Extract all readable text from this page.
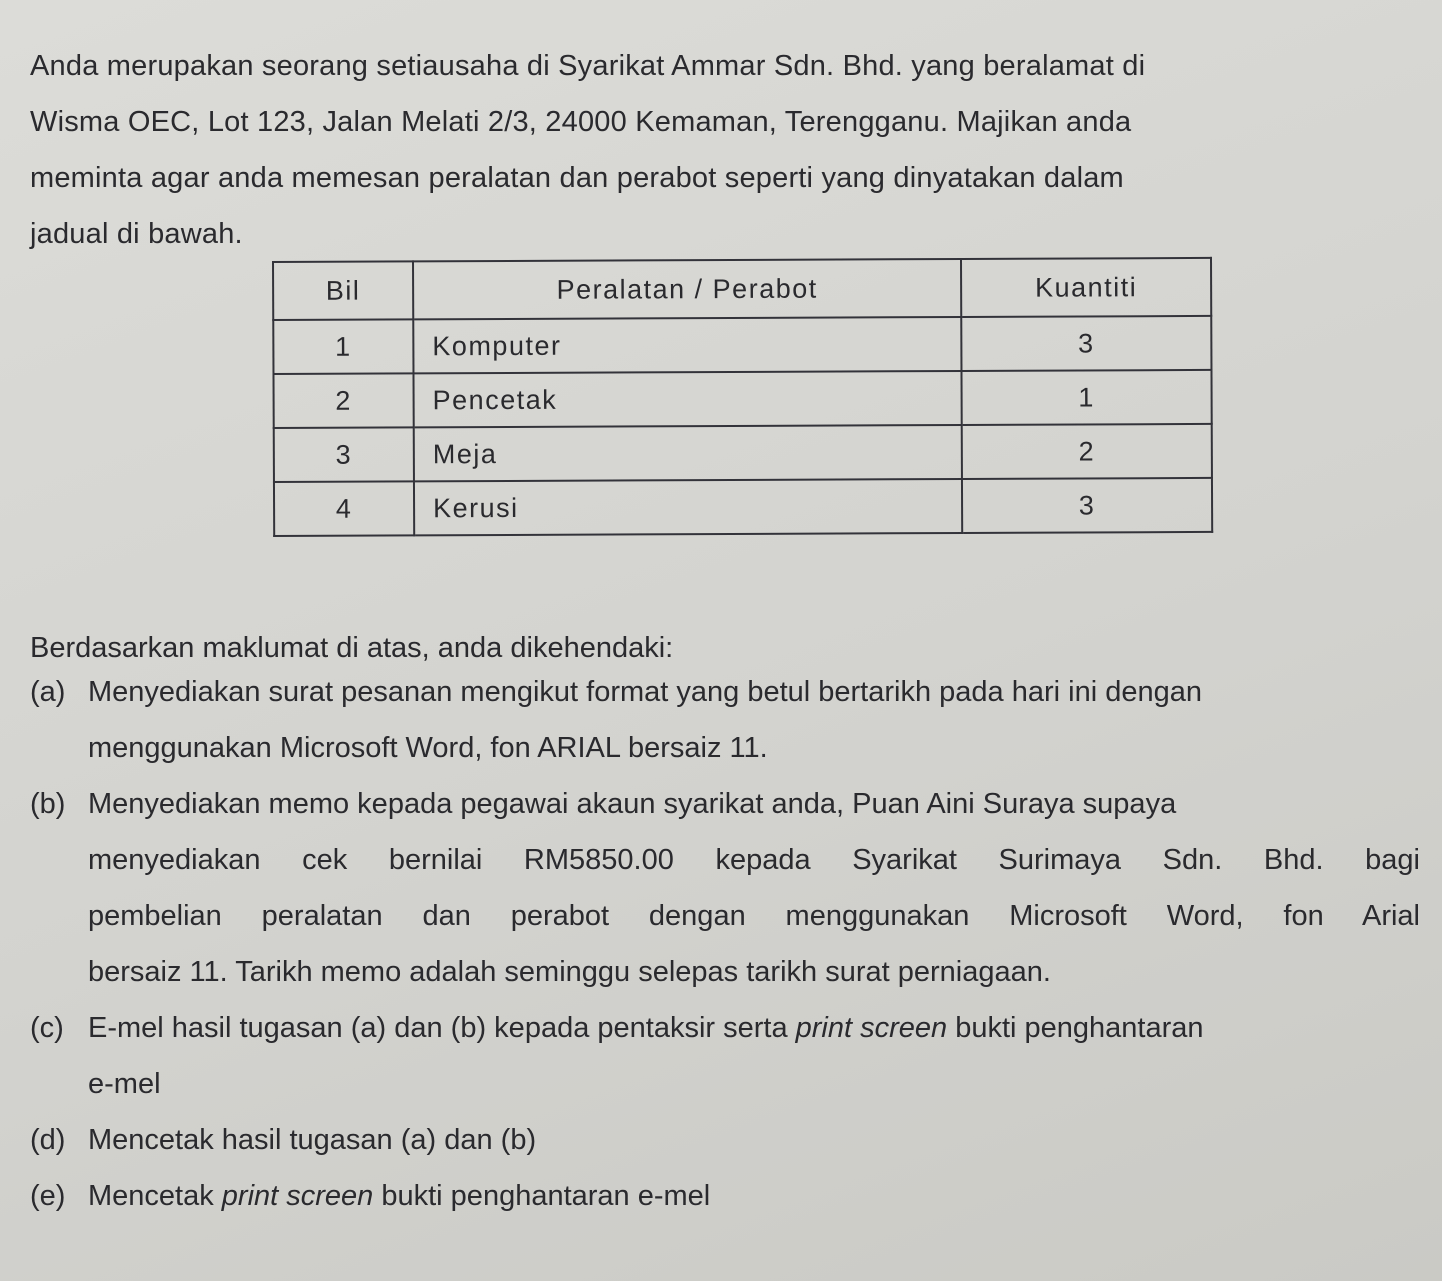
Anda merupakan seorang setiausaha di Syarikat Ammar Sdn. Bhd. yang beralamat di
Wisma OEC, Lot 123, Jalan Melati 2/3, 24000 Kemaman, Terengganu. Majikan anda
meminta agar anda memesan peralatan dan perabot seperti yang dinyatakan dalam
jadual di bawah.
Bil	Peralatan / Perabot	Kuantiti
1	Komputer	3
2	Pencetak	1
3	Meja	2
4	Kerusi	3
Berdasarkan maklumat di atas, anda dikehendaki:
(a) Menyediakan surat pesanan mengikut format yang betul bertarikh pada hari ini dengan
menggunakan Microsoft Word, fon ARIAL bersaiz 11.
(b) Menyediakan memo kepada pegawai akaun syarikat anda, Puan Aini Suraya supaya
menyediakan cek bernilai RM5850.00 kepada Syarikat Surimaya Sdn. Bhd. bagi
pembelian peralatan dan perabot dengan menggunakan Microsoft Word, fon Arial
bersaiz 11. Tarikh memo adalah seminggu selepas tarikh surat perniagaan.
(c) E-mel hasil tugasan (a) dan (b) kepada pentaksir serta print screen bukti penghantaran
e-mel
(d) Mencetak hasil tugasan (a) dan (b)
(e) Mencetak print screen bukti penghantaran e-mel
